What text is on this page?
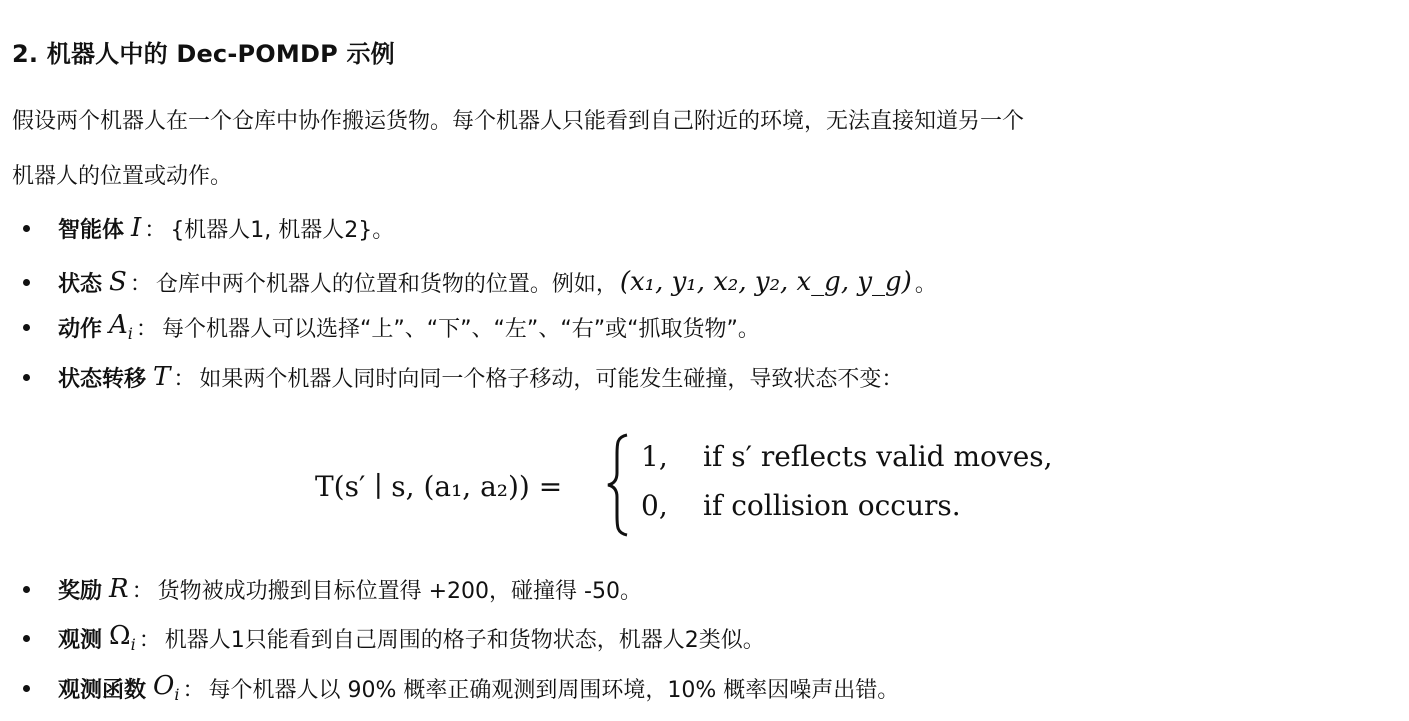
2. 机器人中的 Dec-POMDP 示例
假设两个机器人在一个仓库中协作搬运货物。每个机器人只能看到自己附近的环境，无法直接知道另一个
机器人的位置或动作。
智能体 I ： {机器人1, 机器人2}。
状态 S ： 仓库中两个机器人的位置和货物的位置。例如， (x₁, y₁, x₂, y₂, x_g, y_g) 。
动作 $A_i$ ： 每个机器人可以选择“上”、“下”、“左”、“右”或“抓取货物”。
状态转移 T ： 如果两个机器人同时向同一个格子移动，可能发生碰撞，导致状态不变：
T(s′ ∣ s, (a₁, a₂)) =
1, if s′ reflects valid moves,
0, if collision occurs.
奖励 R ： 货物被成功搬到目标位置得 +200，碰撞得 -50。
观测 $\Omega_i$ ： 机器人1只能看到自己周围的格子和货物状态，机器人2类似。
观测函数 $O_i$ ： 每个机器人以 90% 概率正确观测到周围环境，10% 概率因噪声出错。
